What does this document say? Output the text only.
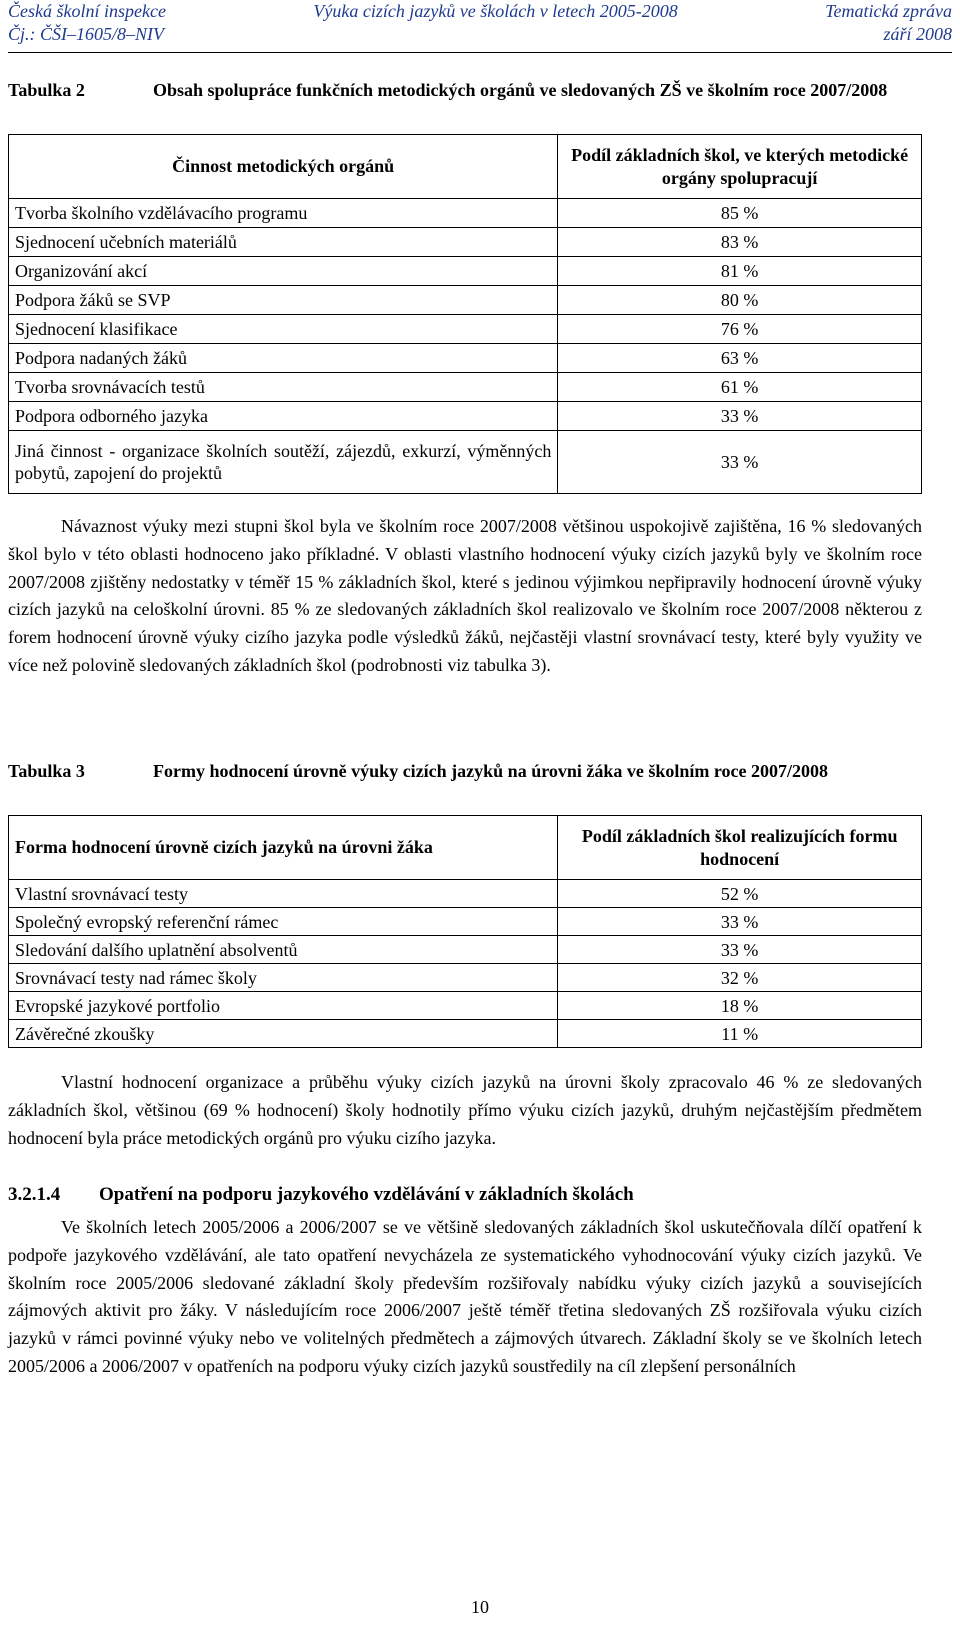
Česká školní inspekce	Výuka cizích jazyků ve školách v letech 2005-2008	Tematická zpráva
Čj.: ČŠI–1605/8–NIV	září 2008
Tabulka 2	Obsah spolupráce funkčních metodických orgánů ve sledovaných ZŠ ve školním roce 2007/2008
Činnost metodických orgánů	Podíl základních škol, ve kterých metodické orgány spolupracují
Tvorba školního vzdělávacího programu	85 %
Sjednocení učebních materiálů	83 %
Organizování akcí	81 %
Podpora žáků se SVP	80 %
Sjednocení klasifikace	76 %
Podpora nadaných žáků	63 %
Tvorba srovnávacích testů	61 %
Podpora odborného jazyka	33 %
Jiná činnost - organizace školních soutěží, zájezdů, exkurzí, výměnných pobytů, zapojení do projektů	33 %
Návaznost výuky mezi stupni škol byla ve školním roce 2007/2008 většinou uspokojivě zajištěna, 16 % sledovaných škol bylo v této oblasti hodnoceno jako příkladné. V oblasti vlastního hodnocení výuky cizích jazyků byly ve školním roce 2007/2008 zjištěny nedostatky v téměř 15 % základních škol, které s jedinou výjimkou nepřipravily hodnocení úrovně výuky cizích jazyků na celoškolní úrovni. 85 % ze sledovaných základních škol realizovalo ve školním roce 2007/2008 některou z forem hodnocení úrovně výuky cizího jazyka podle výsledků žáků, nejčastěji vlastní srovnávací testy, které byly využity ve více než polovině sledovaných základních škol (podrobnosti viz tabulka 3).
Tabulka 3	Formy hodnocení úrovně výuky cizích jazyků na úrovni žáka ve školním roce 2007/2008
Forma hodnocení úrovně cizích jazyků na úrovni žáka	Podíl základních škol realizujících formu hodnocení
Vlastní srovnávací testy	52 %
Společný evropský referenční rámec	33 %
Sledování dalšího uplatnění absolventů	33 %
Srovnávací testy nad rámec školy	32 %
Evropské jazykové portfolio	18 %
Závěrečné zkoušky	11 %
Vlastní hodnocení organizace a průběhu výuky cizích jazyků na úrovni školy zpracovalo 46 % ze sledovaných základních škol, většinou (69 % hodnocení) školy hodnotily přímo výuku cizích jazyků, druhým nejčastějším předmětem hodnocení byla práce metodických orgánů pro výuku cizího jazyka.
3.2.1.4 Opatření na podporu jazykového vzdělávání v základních školách
Ve školních letech 2005/2006 a 2006/2007 se ve většině sledovaných základních škol uskutečňovala dílčí opatření k podpoře jazykového vzdělávání, ale tato opatření nevycházela ze systematického vyhodnocování výuky cizích jazyků. Ve školním roce 2005/2006 sledované základní školy především rozšiřovaly nabídku výuky cizích jazyků a souvisejících zájmových aktivit pro žáky. V následujícím roce 2006/2007 ještě téměř třetina sledovaných ZŠ rozšiřovala výuku cizích jazyků v rámci povinné výuky nebo ve volitelných předmětech a zájmových útvarech. Základní školy se ve školních letech 2005/2006 a 2006/2007 v opatřeních na podporu výuky cizích jazyků soustředily na cíl zlepšení personálních
10
